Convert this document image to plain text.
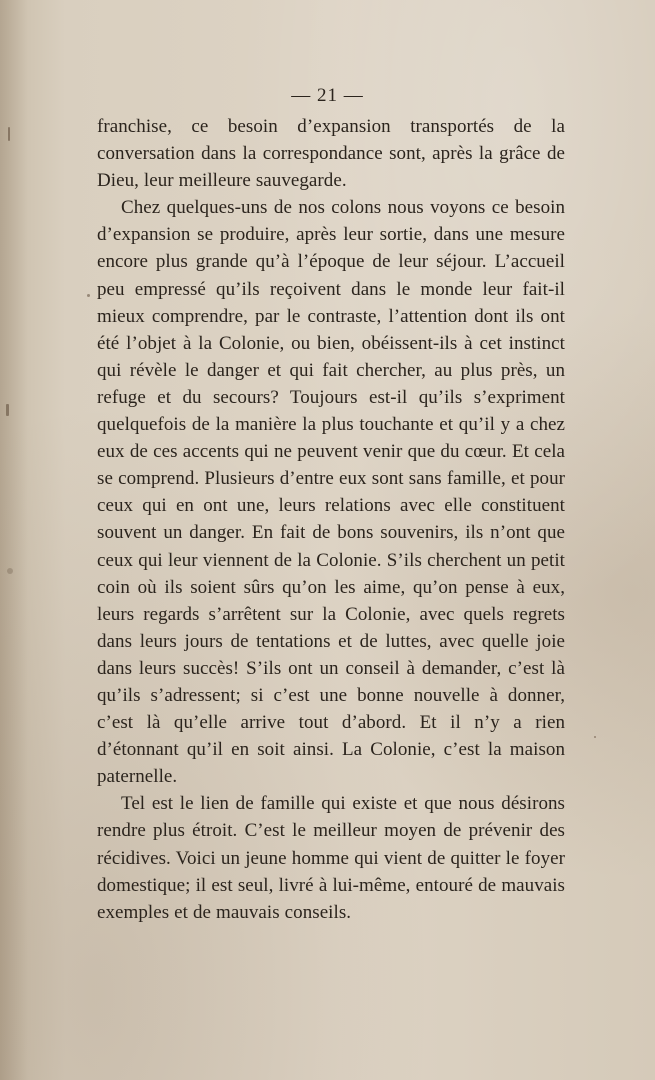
— 21 —

franchise, ce besoin d’expansion transportés de la conversation dans la correspondance sont, après la grâce de Dieu, leur meilleure sauvegarde.

Chez quelques-uns de nos colons nous voyons ce besoin d’expansion se produire, après leur sortie, dans une mesure encore plus grande qu’à l’époque de leur séjour. L’accueil peu empressé qu’ils reçoivent dans le monde leur fait-il mieux comprendre, par le contraste, l’attention dont ils ont été l’objet à la Colonie, ou bien, obéissent-ils à cet instinct qui révèle le danger et qui fait chercher, au plus près, un refuge et du secours? Toujours est-il qu’ils s’expriment quelquefois de la manière la plus touchante et qu’il y a chez eux de ces accents qui ne peuvent venir que du cœur. Et cela se comprend. Plusieurs d’entre eux sont sans famille, et pour ceux qui en ont une, leurs relations avec elle constituent souvent un danger. En fait de bons souvenirs, ils n’ont que ceux qui leur viennent de la Colonie. S’ils cherchent un petit coin où ils soient sûrs qu’on les aime, qu’on pense à eux, leurs regards s’arrêtent sur la Colonie, avec quels regrets dans leurs jours de tentations et de luttes, avec quelle joie dans leurs succès! S’ils ont un conseil à demander, c’est là qu’ils s’adressent; si c’est une bonne nouvelle à donner, c’est là qu’elle arrive tout d’abord. Et il n’y a rien d’étonnant qu’il en soit ainsi. La Colonie, c’est la maison paternelle.

Tel est le lien de famille qui existe et que nous désirons rendre plus étroit. C’est le meilleur moyen de prévenir des récidives. Voici un jeune homme qui vient de quitter le foyer domestique; il est seul, livré à lui-même, entouré de mauvais exemples et de mauvais conseils.
